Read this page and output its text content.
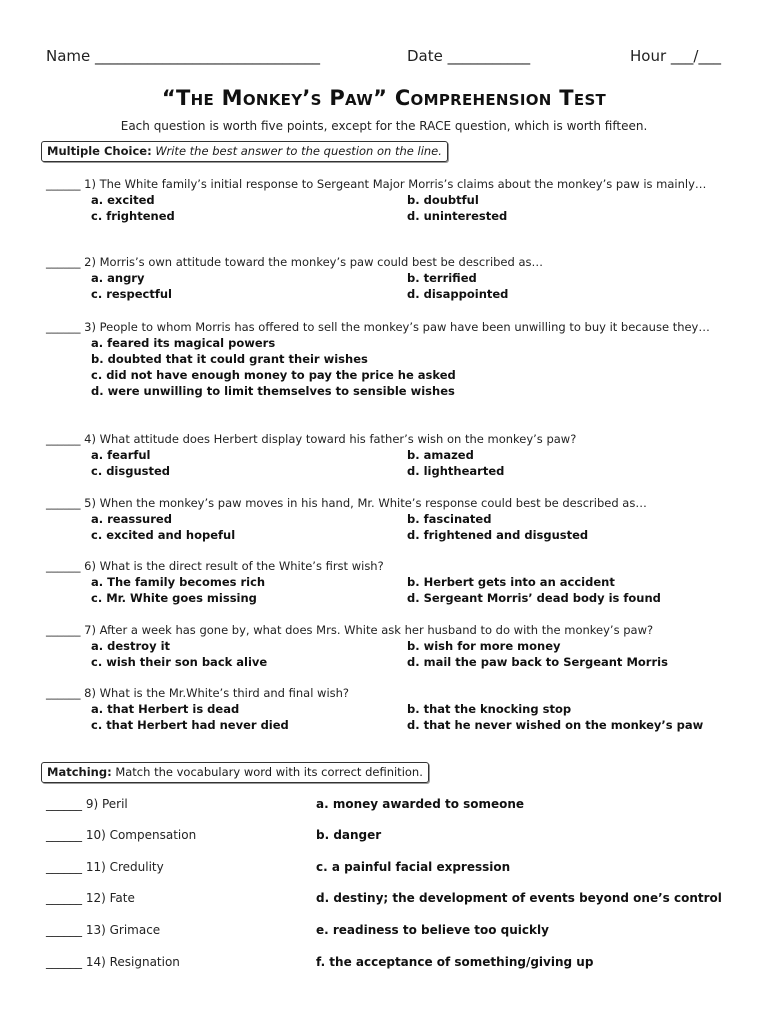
Name ______________________________	Date ___________	Hour ___/___
“The Monkey’s Paw” Comprehension Test
Each question is worth five points, except for the RACE question, which is worth fifteen.
Multiple Choice: Write the best answer to the question on the line.
______ 1) The White family’s initial response to Sergeant Major Morris’s claims about the monkey’s paw is mainly…
a. excited	b. doubtful
c. frightened	d. uninterested
______ 2) Morris’s own attitude toward the monkey’s paw could best be described as…
a. angry	b. terrified
c. respectful	d. disappointed
______ 3) People to whom Morris has offered to sell the monkey’s paw have been unwilling to buy it because they…
a. feared its magical powers
b. doubted that it could grant their wishes
c. did not have enough money to pay the price he asked
d. were unwilling to limit themselves to sensible wishes
______ 4) What attitude does Herbert display toward his father’s wish on the monkey’s paw?
a. fearful	b. amazed
c. disgusted	d. lighthearted
______ 5) When the monkey’s paw moves in his hand, Mr. White’s response could best be described as…
a. reassured	b. fascinated
c. excited and hopeful	d. frightened and disgusted
______ 6) What is the direct result of the White’s first wish?
a. The family becomes rich	b. Herbert gets into an accident
c. Mr. White goes missing	d. Sergeant Morris’ dead body is found
______ 7) After a week has gone by, what does Mrs. White ask her husband to do with the monkey’s paw?
a. destroy it	b. wish for more money
c. wish their son back alive	d. mail the paw back to Sergeant Morris
______ 8) What is the Mr.White’s third and final wish?
a. that Herbert is dead	b. that the knocking stop
c. that Herbert had never died	d. that he never wished on the monkey’s paw
Matching: Match the vocabulary word with its correct definition.
______ 9) Peril	a. money awarded to someone
______ 10) Compensation	b. danger
______ 11) Credulity	c. a painful facial expression
______ 12) Fate	d. destiny; the development of events beyond one’s control
______ 13) Grimace	e. readiness to believe too quickly
______ 14) Resignation	f. the acceptance of something/giving up
